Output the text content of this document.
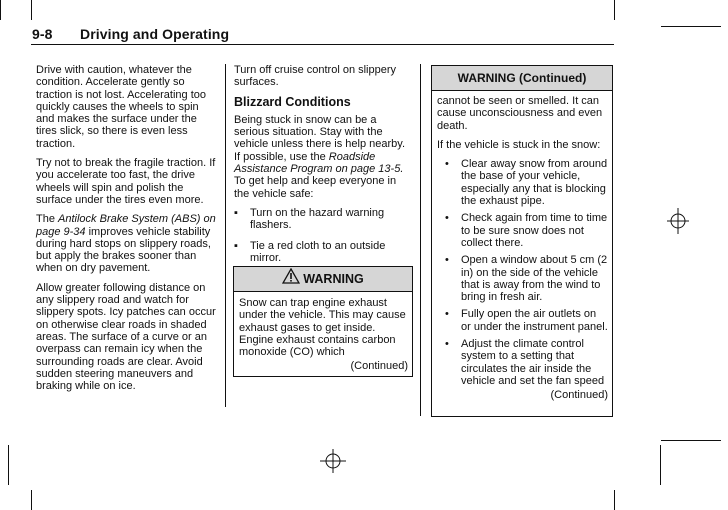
9-8 Driving and Operating

Drive with caution, whatever the condition. Accelerate gently so traction is not lost. Accelerating too quickly causes the wheels to spin and makes the surface under the tires slick, so there is even less traction.

Try not to break the fragile traction. If you accelerate too fast, the drive wheels will spin and polish the surface under the tires even more.

The Antilock Brake System (ABS) on page 9-34 improves vehicle stability during hard stops on slippery roads, but apply the brakes sooner than when on dry pavement.

Allow greater following distance on any slippery road and watch for slippery spots. Icy patches can occur on otherwise clear roads in shaded areas. The surface of a curve or an overpass can remain icy when the surrounding roads are clear. Avoid sudden steering maneuvers and braking while on ice.

Turn off cruise control on slippery surfaces.

Blizzard Conditions

Being stuck in snow can be a serious situation. Stay with the vehicle unless there is help nearby. If possible, use the Roadside Assistance Program on page 13-5. To get help and keep everyone in the vehicle safe:

▪ Turn on the hazard warning flashers.
▪ Tie a red cloth to an outside mirror.
WARNING
Snow can trap engine exhaust under the vehicle. This may cause exhaust gases to get inside. Engine exhaust contains carbon monoxide (CO) which
(Continued)
WARNING (Continued)

cannot be seen or smelled. It can cause unconsciousness and even death.

If the vehicle is stuck in the snow:

• Clear away snow from around the base of your vehicle, especially any that is blocking the exhaust pipe.
• Check again from time to time to be sure snow does not collect there.
• Open a window about 5 cm (2 in) on the side of the vehicle that is away from the wind to bring in fresh air.
• Fully open the air outlets on or under the instrument panel.
• Adjust the climate control system to a setting that circulates the air inside the vehicle and set the fan speed
(Continued)
